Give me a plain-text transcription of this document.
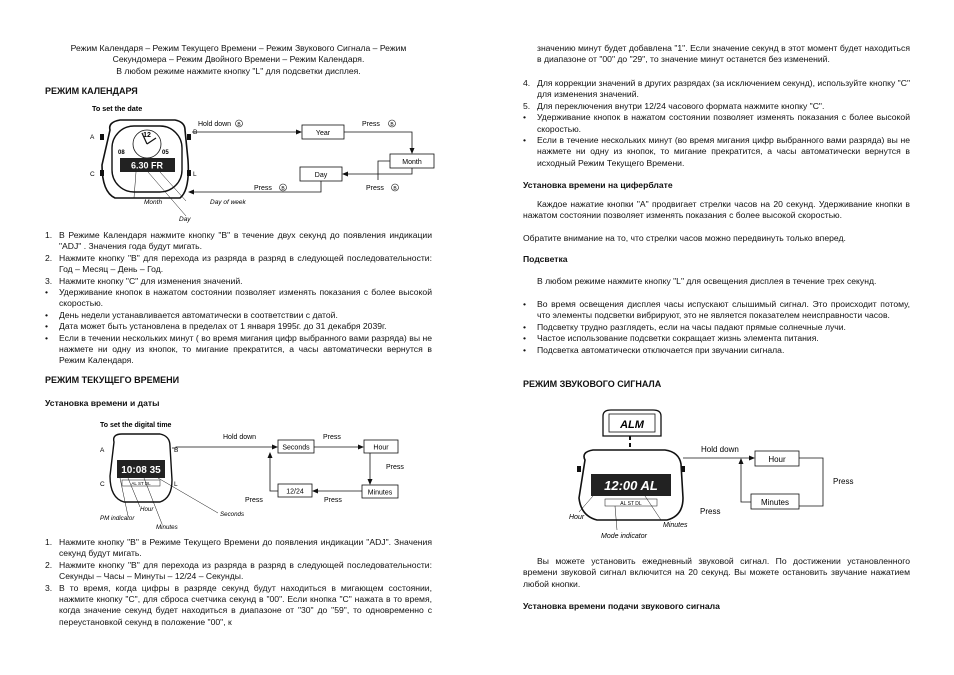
Режим Календаря – Режим Текущего Времени – Режим Звукового Сигнала – Режим

Секундомера – Режим Двойного Времени – Режим Календаря.

В любом режиме нажмите кнопку "L" для подсветки дисплея.

РЕЖИМ КАЛЕНДАРЯ
To set the date
12
08	05
6.30 FR
A
B
C	L
Hold down B
Year
Press B
Month
Day
Press B	Press B
Month	Day of week
Day
1. В Режиме Календаря нажмите кнопку "B" в течение двух секунд до появления индикации "ADJ" . Значения года будут мигать.
2. Нажмите кнопку "B" для перехода из разряда в разряд в следующей последовательности: Год – Месяц – День – Год.
3. Нажмите кнопку "C" для изменения значений.
• Удерживание кнопок в нажатом состоянии позволяет изменять показания с более высокой скоростью.
• День недели устанавливается автоматически в соответствии с датой.
• Дата может быть установлена в пределах от 1 января 1995г. до 31 декабря 2039г.
• Если в течении нескольких минут ( во время мигания цифр выбранного вами разряда) вы не нажмете ни одну из кнопок, то мигание прекратится, а часы автоматически вернутся в Режим Календаря.
РЕЖИМ ТЕКУЩЕГО ВРЕМЕНИ
Установка времени и даты
To set the digital time
10:08 35
AL ST DL
A	B
C	L
Hold down	Press
Seconds	Hour
Press
Minutes
12/24
Press	Press
Hour
PM indicator
Minutes
Seconds
1. Нажмите кнопку "B" в Режиме Текущего Времени до появления индикации "ADJ". Значения секунд будут мигать.
2. Нажмите кнопку "B" для перехода из разряда в разряд в следующей последовательности: Секунды – Часы – Минуты – 12/24 – Секунды.
3. В то время, когда цифры в разряде секунд будут находиться в мигающем состоянии, нажмите кнопку "C", для сброса счетчика секунд в "00". Если кнопка "C" нажата в то время, когда значение секунд будет находиться в диапазоне от "30" до "59", то одновременно с переустановкой секунд в положение "00", к

значению минут будет добавлена "1". Если значение секунд в этот момент будет находиться в диапазоне от "00" до "29", то значение минут останется без изменений.

4. Для коррекции значений в других разрядах (за исключением секунд), используйте кнопку "C" для изменения значений.
5. Для переключения внутри 12/24 часового формата нажмите кнопку "C".
• Удерживание кнопок в нажатом состоянии позволяет изменять показания с более высокой скоростью.
• Если в течение нескольких минут (во время мигания цифр выбранного вами разряда) вы не нажмете ни одну из кнопок, то мигание прекратится, а часы автоматически вернутся в исходный Режим Текущего Времени.
Установка времени на циферблате

Каждое нажатие кнопки "A" продвигает стрелки часов на 20 секунд. Удерживание кнопки в нажатом состоянии позволяет изменять показания с более высокой скоростью.

Обратите внимание на то, что стрелки часов можно передвинуть только вперед.

Подсветка

В любом режиме нажмите кнопку "L" для освещения дисплея в течение трех секунд.

• Во время освещения дисплея часы испускают слышимый сигнал. Это происходит потому, что элементы подсветки вибрируют, это не является показателем неисправности часов.
• Подсветку трудно разглядеть, если на часы падают прямые солнечные лучи.
• Частое использование подсветки сокращает жизнь элемента питания.
• Подсветка автоматически отключается при звучании сигнала.
РЕЖИМ ЗВУКОВОГО СИГНАЛА
ALM
12:00 AL
AL ST DL
Hold down
Hour
Press
Minutes
Press
Hour
Minutes
Mode indicator

Вы можете установить ежедневный звуковой сигнал. По достижении установленного времени звуковой сигнал включится на 20 секунд. Вы можете остановить звучание нажатием любой кнопки.

Установка времени подачи звукового сигнала
